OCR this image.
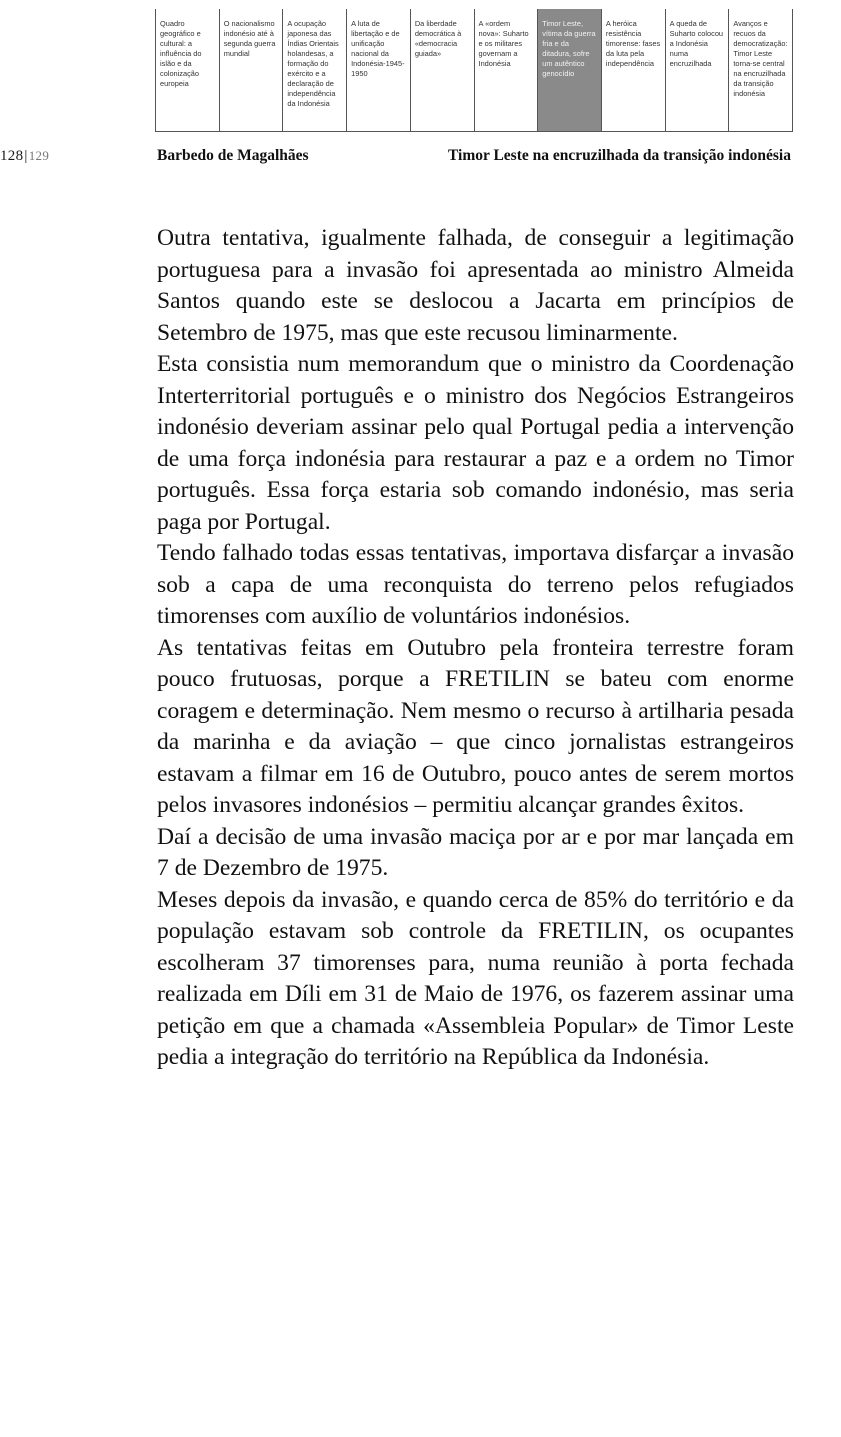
Quadro geográfico e cultural: a influência do islão e da colonização europeia
O nacionalismo indonésio até à segunda guerra mundial
A ocupação japonesa das Índias Orientais holandesas, a formação do exército e a declaração de independência da Indonésia
A luta de libertação e de unificação nacional da Indonésia-1945-1950
Da liberdade democrática à «democracia guiada»
A «ordem nova»: Suharto e os militares governam a Indonésia
Timor Leste, vítima da guerra fria e da ditadura, sofre um autêntico genocídio
A heróica resistência timorense: fases da luta pela independência
A queda de Suharto colocou a Indonésia numa encruzilhada
Avanços e recuos da democratização: Timor Leste torna-se central na encruzilhada da transição indonésia
128|129	Barbedo de Magalhães	Timor Leste na encruzilhada da transição indonésia

Outra tentativa, igualmente falhada, de conseguir a legitimação portuguesa para a invasão foi apresentada ao ministro Almeida Santos quando este se deslocou a Jacarta em princípios de Setembro de 1975, mas que este recusou liminarmente.

Esta consistia num memorandum que o ministro da Coordenação Interterritorial português e o ministro dos Negócios Estrangeiros indonésio deveriam assinar pelo qual Portugal pedia a intervenção de uma força indonésia para restaurar a paz e a ordem no Timor português. Essa força estaria sob comando indonésio, mas seria paga por Portugal.

Tendo falhado todas essas tentativas, importava disfarçar a invasão sob a capa de uma reconquista do terreno pelos refugiados timorenses com auxílio de voluntários indonésios.

As tentativas feitas em Outubro pela fronteira terrestre foram pouco frutuosas, porque a FRETILIN se bateu com enorme coragem e determinação. Nem mesmo o recurso à artilharia pesada da marinha e da aviação – que cinco jornalistas estrangeiros estavam a filmar em 16 de Outubro, pouco antes de serem mortos pelos invasores indonésios – permitiu alcançar grandes êxitos.

Daí a decisão de uma invasão maciça por ar e por mar lançada em 7 de Dezembro de 1975.

Meses depois da invasão, e quando cerca de 85% do território e da população estavam sob controle da FRETILIN, os ocupantes escolheram 37 timorenses para, numa reunião à porta fechada realizada em Díli em 31 de Maio de 1976, os fazerem assinar uma petição em que a chamada «Assembleia Popular» de Timor Leste pedia a integração do território na República da Indonésia.
